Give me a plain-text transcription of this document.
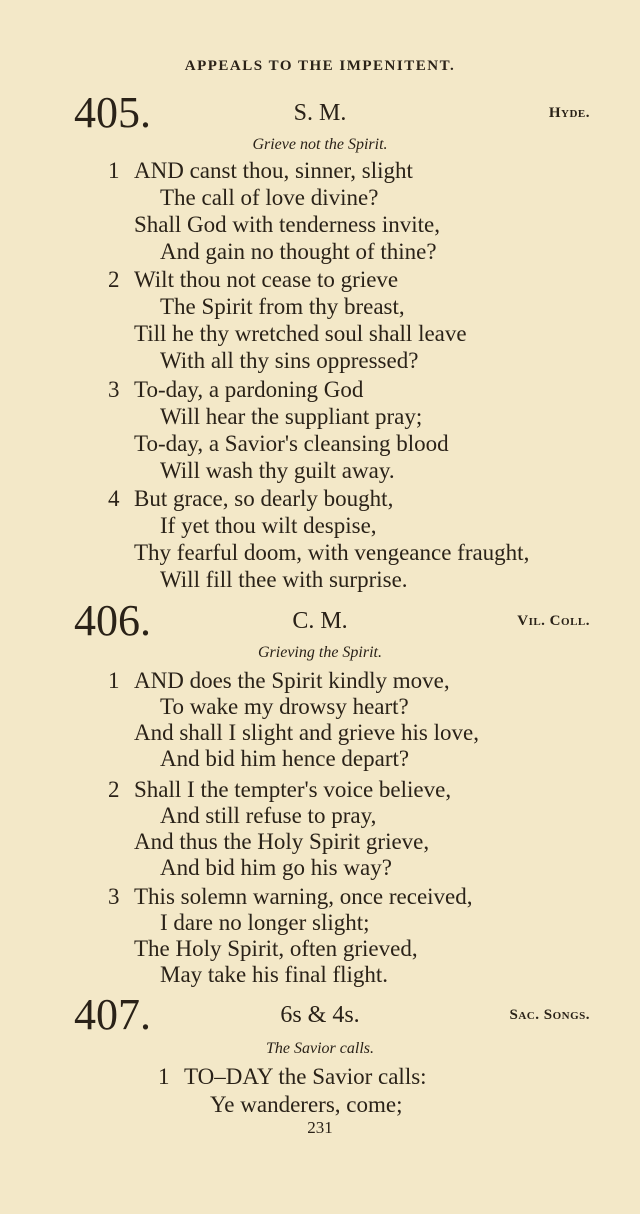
APPEALS TO THE IMPENITENT.
405.	S. M.	Hyde.
Grieve not the Spirit.
1 AND canst thou, sinner, slight
The call of love divine?
Shall God with tenderness invite,
And gain no thought of thine?
2 Wilt thou not cease to grieve
The Spirit from thy breast,
Till he thy wretched soul shall leave
With all thy sins oppressed?
3 To-day, a pardoning God
Will hear the suppliant pray;
To-day, a Savior's cleansing blood
Will wash thy guilt away.
4 But grace, so dearly bought,
If yet thou wilt despise,
Thy fearful doom, with vengeance fraught,
Will fill thee with surprise.
406.	C. M.	Vil. Coll.
Grieving the Spirit.
1 AND does the Spirit kindly move,
To wake my drowsy heart?
And shall I slight and grieve his love,
And bid him hence depart?
2 Shall I the tempter's voice believe,
And still refuse to pray,
And thus the Holy Spirit grieve,
And bid him go his way?
3 This solemn warning, once received,
I dare no longer slight;
The Holy Spirit, often grieved,
May take his final flight.
407.	6s & 4s.	Sac. Songs.
The Savior calls.
1 TO–DAY the Savior calls:
Ye wanderers, come;
231
